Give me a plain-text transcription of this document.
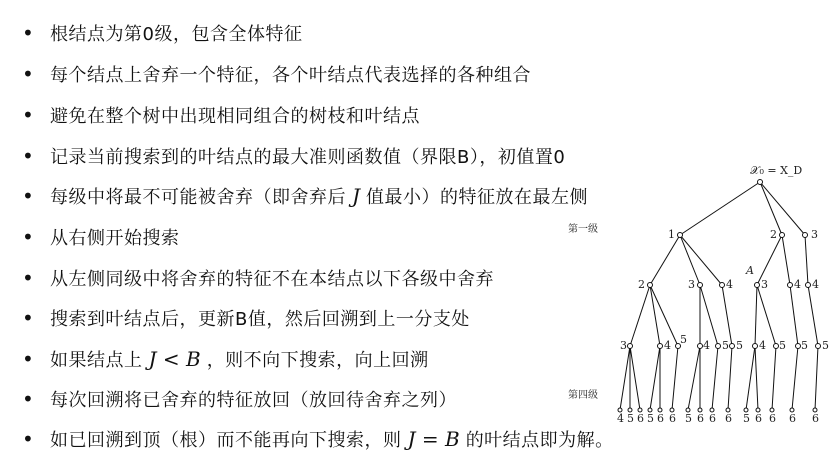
• 根结点为第0级，包含全体特征
• 每个结点上舍弃一个特征，各个叶结点代表选择的各种组合
• 避免在整个树中出现相同组合的树枝和叶结点
• 记录当前搜索到的叶结点的最大准则函数值（界限B），初值置0
• 每级中将最不可能被舍弃（即舍弃后 J 值最小）的特征放在最左侧
• 从右侧开始搜索
• 从左侧同级中将舍弃的特征不在本结点以下各级中舍弃
• 搜索到叶结点后，更新B值，然后回溯到上一分支处
• 如果结点上 J < B ，则不向下搜索，向上回溯
• 每次回溯将已舍弃的特征放回（放回待舍弃之列）
• 如已回溯到顶（根）而不能再向下搜索，则 J = B 的叶结点即为解。
𝒳₀ = X_D
第一级
第四级
A
1	2	3
2	3	4	3 4 4
3	4 5 4 5 5 4 5 5 5
4 5 6 5 6 6 5 6 6 6 5 6 6 6 6
